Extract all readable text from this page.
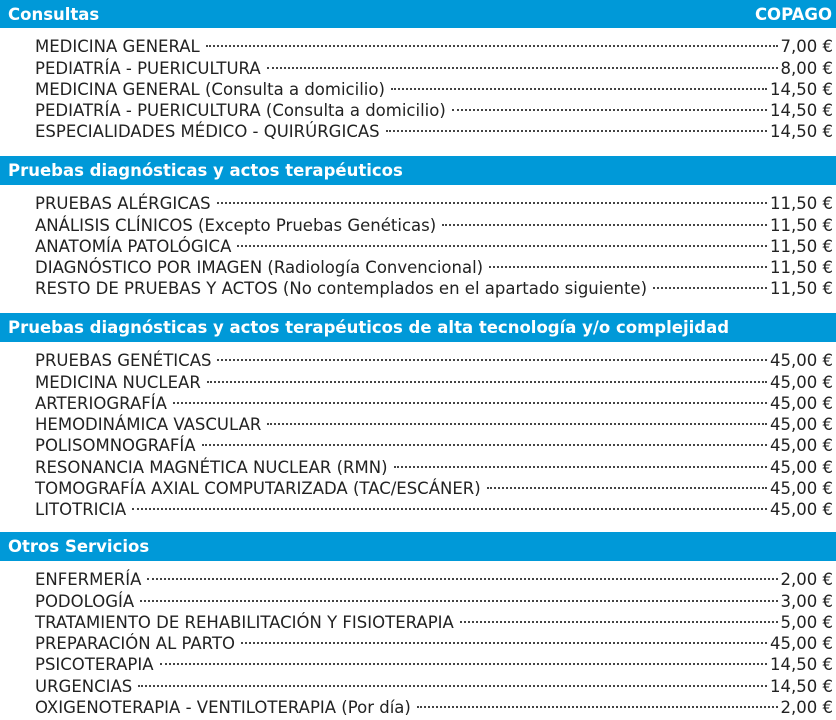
Consultas	COPAGO
MEDICINA GENERAL	7,00 €
PEDIATRÍA - PUERICULTURA	8,00 €
MEDICINA GENERAL (Consulta a domicilio)	14,50 €
PEDIATRÍA - PUERICULTURA (Consulta a domicilio)	14,50 €
ESPECIALIDADES MÉDICO - QUIRÚRGICAS	14,50 €
Pruebas diagnósticas y actos terapéuticos
PRUEBAS ALÉRGICAS	11,50 €
ANÁLISIS CLÍNICOS (Excepto Pruebas Genéticas)	11,50 €
ANATOMÍA PATOLÓGICA	11,50 €
DIAGNÓSTICO POR IMAGEN (Radiología Convencional)	11,50 €
RESTO DE PRUEBAS Y ACTOS (No contemplados en el apartado siguiente)	11,50 €
Pruebas diagnósticas y actos terapéuticos de alta tecnología y/o complejidad
PRUEBAS GENÉTICAS	45,00 €
MEDICINA NUCLEAR	45,00 €
ARTERIOGRAFÍA	45,00 €
HEMODINÁMICA VASCULAR	45,00 €
POLISOMNOGRAFÍA	45,00 €
RESONANCIA MAGNÉTICA NUCLEAR (RMN)	45,00 €
TOMOGRAFÍA AXIAL COMPUTARIZADA (TAC/ESCÁNER)	45,00 €
LITOTRICIA	45,00 €
Otros Servicios
ENFERMERÍA	2,00 €
PODOLOGÍA	3,00 €
TRATAMIENTO DE REHABILITACIÓN Y FISIOTERAPIA	5,00 €
PREPARACIÓN AL PARTO	45,00 €
PSICOTERAPIA	14,50 €
URGENCIAS	14,50 €
OXIGENOTERAPIA - VENTILOTERAPIA (Por día)	2,00 €
